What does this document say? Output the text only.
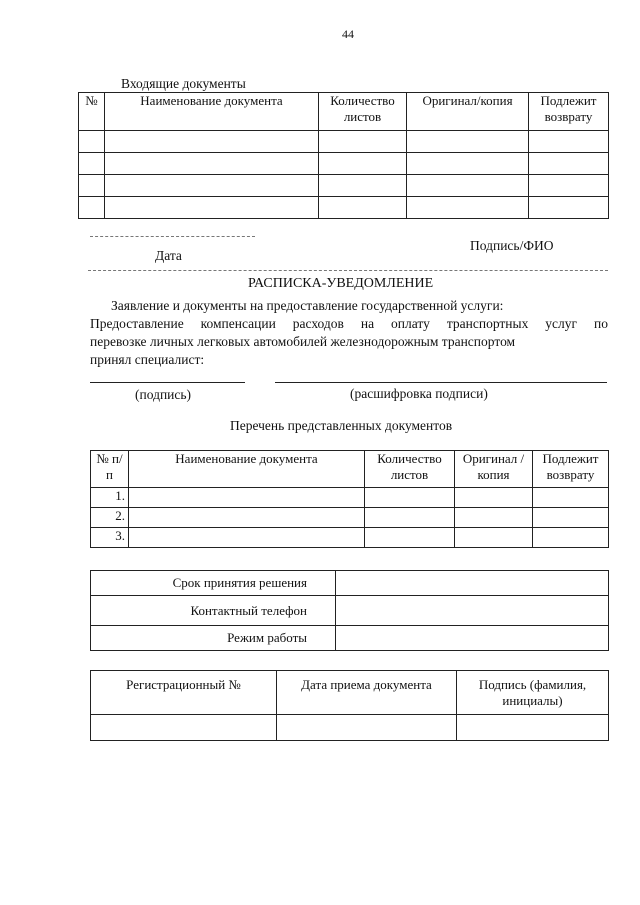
44
Входящие документы
№	Наименование документа	Количество листов	Оригинал/копия	Подлежит возврату

Дата
Подпись/ФИО
РАСПИСКА-УВЕДОМЛЕНИЕ
Заявление и документы на предоставление государственной услуги:
Предоставление компенсации расходов на оплату транспортных услуг по
перевозке личных легковых автомобилей железнодорожным транспортом
принял специалист:
(подпись)	(расшифровка подписи)
Перечень представленных документов
№ п/п	Наименование документа	Количество листов	Оригинал /копия	Подлежит возврату
1.				
2.				
3.				
Срок принятия решения	
Контактный телефон	
Режим работы	
Регистрационный №	Дата приема документа	Подпись (фамилия, инициалы)
